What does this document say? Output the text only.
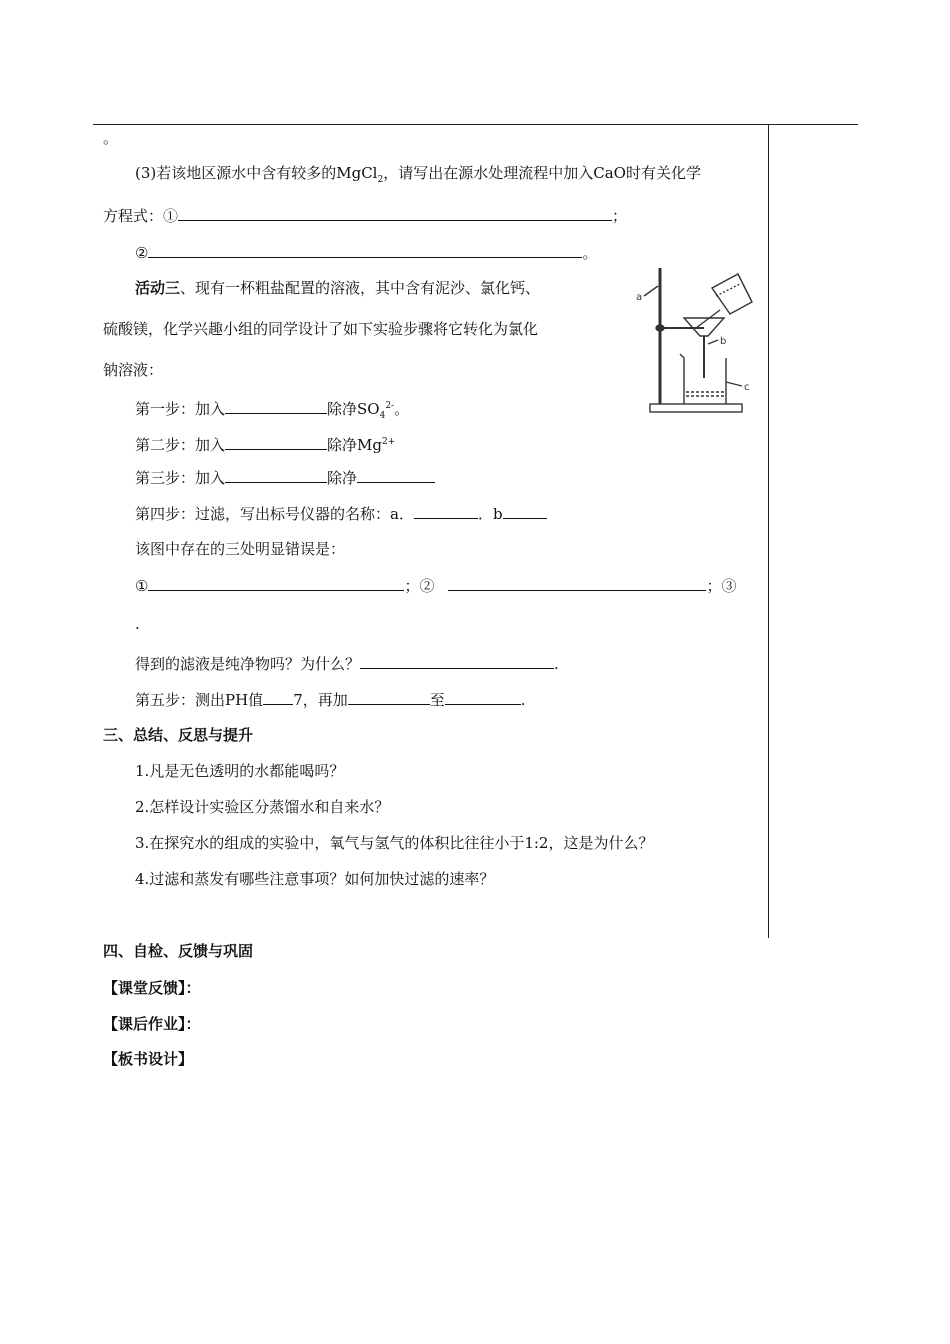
。
(3)若该地区源水中含有较多的MgCl$_2$，请写出在源水处理流程中加入CaO时有关化学
方程式：①	；
②	。
活动三、现有一杯粗盐配置的溶液，其中含有泥沙、氯化钙、
硫酸镁，化学兴趣小组的同学设计了如下实验步骤将它转化为氯化
钠溶液：
第一步：加入	除净$SO_4^{2-}$。
第二步：加入	除净$Mg^{2+}$
第三步：加入	除净
第四步：过滤，写出标号仪器的名称：a．	．b
该图中存在的三处明显错误是：
①	；②	；③
.
得到的滤液是纯净物吗？为什么？	.
第五步：测出PH值 7，再加	至	.
三、总结、反思与提升
1.凡是无色透明的水都能喝吗？
2.怎样设计实验区分蒸馏水和自来水？
3.在探究水的组成的实验中，氧气与氢气的体积比往往小于1:2，这是为什么？
4.过滤和蒸发有哪些注意事项？如何加快过滤的速率？
四、自检、反馈与巩固
【课堂反馈】：
【课后作业】：
【板书设计】
a
b
c
